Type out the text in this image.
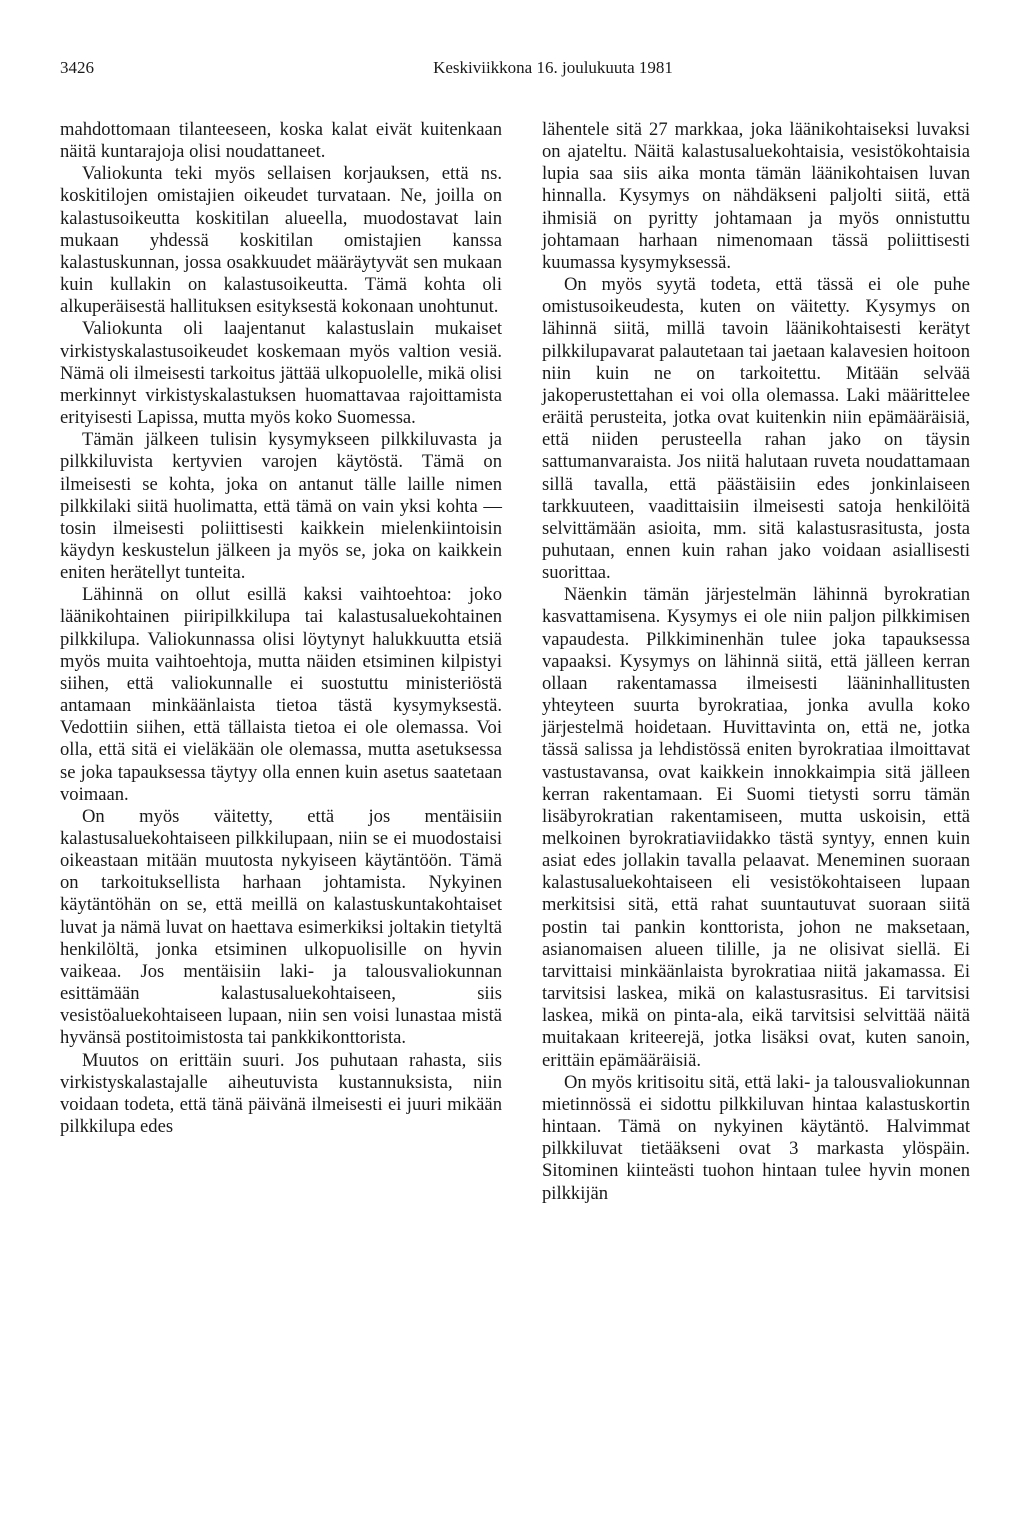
3426	Keskiviikkona 16. joulukuuta 1981

mahdottomaan tilanteeseen, koska kalat eivät kuitenkaan näitä kuntarajoja olisi noudattaneet.

Valiokunta teki myös sellaisen korjauksen, että ns. koskitilojen omistajien oikeudet turvataan. Ne, joilla on kalastusoikeutta koskitilan alueella, muodostavat lain mukaan yhdessä koskitilan omistajien kanssa kalastuskunnan, jossa osakkuudet määräytyvät sen mukaan kuin kullakin on kalastusoikeutta. Tämä kohta oli alkuperäisestä hallituksen esityksestä kokonaan unohtunut.

Valiokunta oli laajentanut kalastuslain mukaiset virkistyskalastusoikeudet koskemaan myös valtion vesiä. Nämä oli ilmeisesti tarkoitus jättää ulkopuolelle, mikä olisi merkinnyt virkistyskalastuksen huomattavaa rajoittamista erityisesti Lapissa, mutta myös koko Suomessa.

Tämän jälkeen tulisin kysymykseen pilkkiluvasta ja pilkkiluvista kertyvien varojen käytöstä. Tämä on ilmeisesti se kohta, joka on antanut tälle laille nimen pilkkilaki siitä huolimatta, että tämä on vain yksi kohta — tosin ilmeisesti poliittisesti kaikkein mielenkiintoisin käydyn keskustelun jälkeen ja myös se, joka on kaikkein eniten herätellyt tunteita.

Lähinnä on ollut esillä kaksi vaihtoehtoa: joko läänikohtainen piiripilkkilupa tai kalastusaluekohtainen pilkkilupa. Valiokunnassa olisi löytynyt halukkuutta etsiä myös muita vaihtoehtoja, mutta näiden etsiminen kilpistyi siihen, että valiokunnalle ei suostuttu ministeriöstä antamaan minkäänlaista tietoa tästä kysymyksestä. Vedottiin siihen, että tällaista tietoa ei ole olemassa. Voi olla, että sitä ei vieläkään ole olemassa, mutta asetuksessa se joka tapauksessa täytyy olla ennen kuin asetus saatetaan voimaan.

On myös väitetty, että jos mentäisiin kalastusaluekohtaiseen pilkkilupaan, niin se ei muodostaisi oikeastaan mitään muutosta nykyiseen käytäntöön. Tämä on tarkoituksellista harhaan johtamista. Nykyinen käytäntöhän on se, että meillä on kalastuskuntakohtaiset luvat ja nämä luvat on haettava esimerkiksi joltakin tietyltä henkilöltä, jonka etsiminen ulkopuolisille on hyvin vaikeaa. Jos mentäisiin laki- ja talousvaliokunnan esittämään kalastusaluekohtaiseen, siis vesistöaluekohtaiseen lupaan, niin sen voisi lunastaa mistä hyvänsä postitoimistosta tai pankkikonttorista.

Muutos on erittäin suuri. Jos puhutaan rahasta, siis virkistyskalastajalle aiheutuvista kustannuksista, niin voidaan todeta, että tänä päivänä ilmeisesti ei juuri mikään pilkkilupa edes

lähentele sitä 27 markkaa, joka läänikohtaiseksi luvaksi on ajateltu. Näitä kalastusaluekohtaisia, vesistökohtaisia lupia saa siis aika monta tämän läänikohtaisen luvan hinnalla. Kysymys on nähdäkseni paljolti siitä, että ihmisiä on pyritty johtamaan ja myös onnistuttu johtamaan harhaan nimenomaan tässä poliittisesti kuumassa kysymyksessä.

On myös syytä todeta, että tässä ei ole puhe omistusoikeudesta, kuten on väitetty. Kysymys on lähinnä siitä, millä tavoin läänikohtaisesti kerätyt pilkkilupavarat palautetaan tai jaetaan kalavesien hoitoon niin kuin ne on tarkoitettu. Mitään selvää jakoperustettahan ei voi olla olemassa. Laki määrittelee eräitä perusteita, jotka ovat kuitenkin niin epämääräisiä, että niiden perusteella rahan jako on täysin sattumanvaraista. Jos niitä halutaan ruveta noudattamaan sillä tavalla, että päästäisiin edes jonkinlaiseen tarkkuuteen, vaadittaisiin ilmeisesti satoja henkilöitä selvittämään asioita, mm. sitä kalastusrasitusta, josta puhutaan, ennen kuin rahan jako voidaan asiallisesti suorittaa.

Näenkin tämän järjestelmän lähinnä byrokratian kasvattamisena. Kysymys ei ole niin paljon pilkkimisen vapaudesta. Pilkkiminenhän tulee joka tapauksessa vapaaksi. Kysymys on lähinnä siitä, että jälleen kerran ollaan rakentamassa ilmeisesti lääninhallitusten yhteyteen suurta byrokratiaa, jonka avulla koko järjestelmä hoidetaan. Huvittavinta on, että ne, jotka tässä salissa ja lehdistössä eniten byrokratiaa ilmoittavat vastustavansa, ovat kaikkein innokkaimpia sitä jälleen kerran rakentamaan. Ei Suomi tietysti sorru tämän lisäbyrokratian rakentamiseen, mutta uskoisin, että melkoinen byrokratiaviidakko tästä syntyy, ennen kuin asiat edes jollakin tavalla pelaavat. Meneminen suoraan kalastusaluekohtaiseen eli vesistökohtaiseen lupaan merkitsisi sitä, että rahat suuntautuvat suoraan siitä postin tai pankin konttorista, johon ne maksetaan, asianomaisen alueen tilille, ja ne olisivat siellä. Ei tarvittaisi minkäänlaista byrokratiaa niitä jakamassa. Ei tarvitsisi laskea, mikä on kalastusrasitus. Ei tarvitsisi laskea, mikä on pinta-ala, eikä tarvitsisi selvittää näitä muitakaan kriteerejä, jotka lisäksi ovat, kuten sanoin, erittäin epämääräisiä.

On myös kritisoitu sitä, että laki- ja talousvaliokunnan mietinnössä ei sidottu pilkkiluvan hintaa kalastuskortin hintaan. Tämä on nykyinen käytäntö. Halvimmat pilkkiluvat tietääkseni ovat 3 markasta ylöspäin. Sitominen kiinteästi tuohon hintaan tulee hyvin monen pilkkijän
